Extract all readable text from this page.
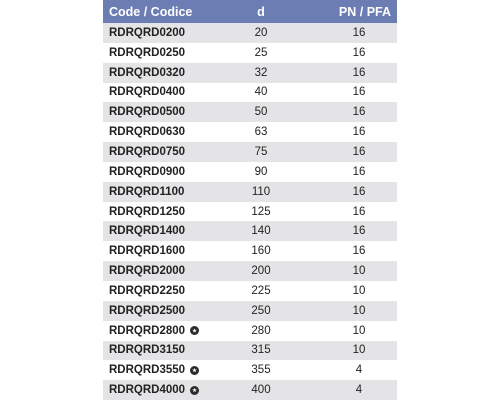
Code / Codice	d	PN / PFA
RDRQRD0200	20	16
RDRQRD0250	25	16
RDRQRD0320	32	16
RDRQRD0400	40	16
RDRQRD0500	50	16
RDRQRD0630	63	16
RDRQRD0750	75	16
RDRQRD0900	90	16
RDRQRD1100	110	16
RDRQRD1250	125	16
RDRQRD1400	140	16
RDRQRD1600	160	16
RDRQRD2000	200	10
RDRQRD2250	225	10
RDRQRD2500	250	10
RDRQRD2800	280	10
RDRQRD3150	315	10
RDRQRD3550	355	4
RDRQRD4000	400	4
